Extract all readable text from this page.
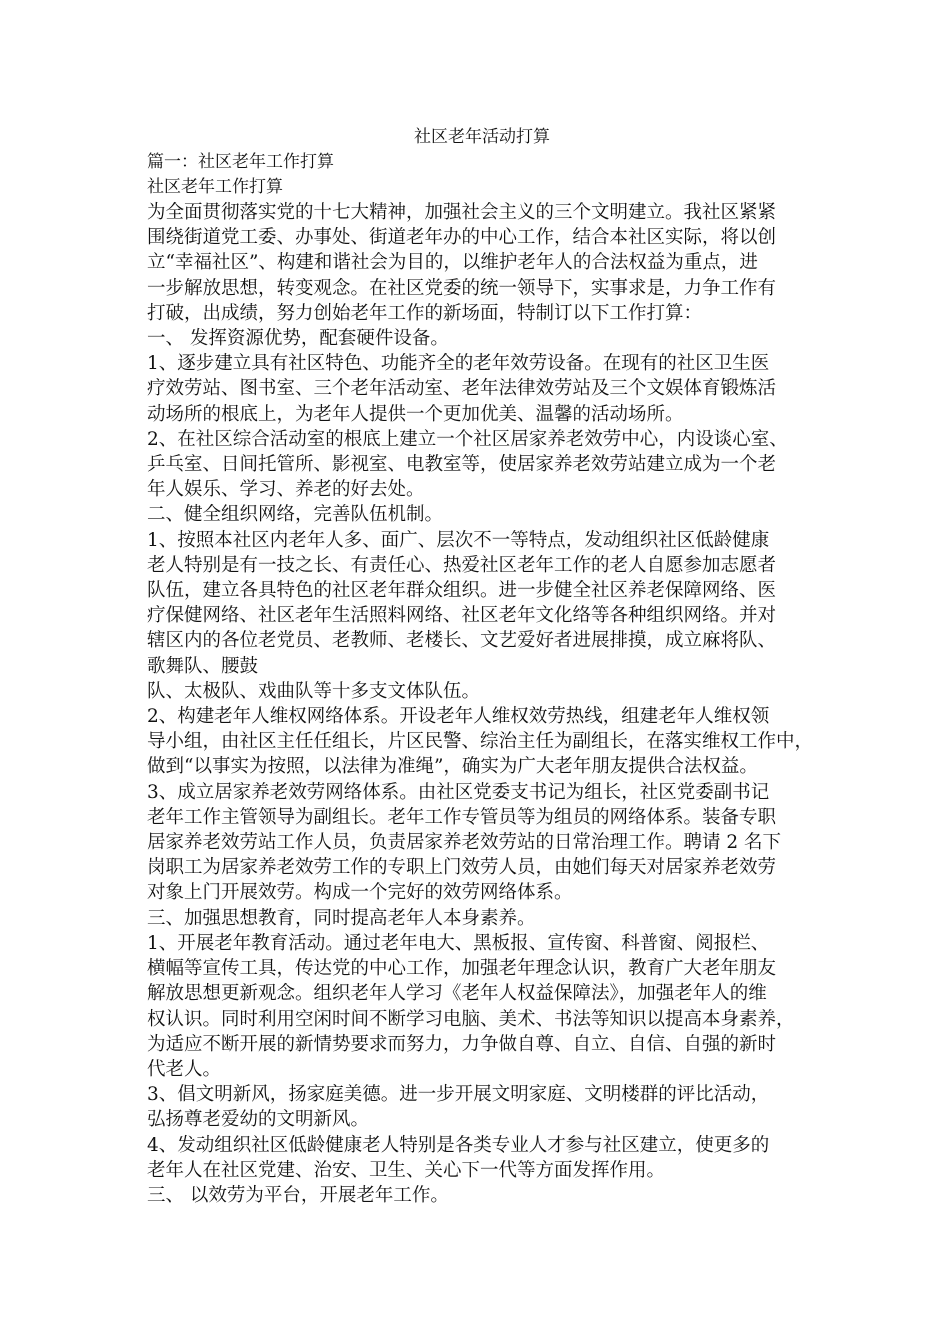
社区老年活动打算

篇一：社区老年工作打算

社区老年工作打算

为全面贯彻落实党的十七大精神，加强社会主义的三个文明建立。我社区紧紧
围绕街道党工委、办事处、街道老年办的中心工作，结合本社区实际，将以创
立“幸福社区”、构建和谐社会为目的，以维护老年人的合法权益为重点，进
一步解放思想，转变观念。在社区党委的统一领导下，实事求是，力争工作有
打破，出成绩，努力创始老年工作的新场面，特制订以下工作打算：
一、 发挥资源优势，配套硬件设备。
1、逐步建立具有社区特色、功能齐全的老年效劳设备。在现有的社区卫生医
疗效劳站、图书室、三个老年活动室、老年法律效劳站及三个文娱体育锻炼活
动场所的根底上，为老年人提供一个更加优美、温馨的活动场所。
2、在社区综合活动室的根底上建立一个社区居家养老效劳中心，内设谈心室、
乒乓室、日间托管所、影视室、电教室等，使居家养老效劳站建立成为一个老
年人娱乐、学习、养老的好去处。
二、健全组织网络，完善队伍机制。
1、按照本社区内老年人多、面广、层次不一等特点，发动组织社区低龄健康
老人特别是有一技之长、有责任心、热爱社区老年工作的老人自愿参加志愿者
队伍，建立各具特色的社区老年群众组织。进一步健全社区养老保障网络、医
疗保健网络、社区老年生活照料网络、社区老年文化络等各种组织网络。并对
辖区内的各位老党员、老教师、老楼长、文艺爱好者进展排摸，成立麻将队、
歌舞队、腰鼓
队、太极队、戏曲队等十多支文体队伍。
2、构建老年人维权网络体系。开设老年人维权效劳热线，组建老年人维权领
导小组，由社区主任任组长，片区民警、综治主任为副组长，在落实维权工作中，
做到“以事实为按照，以法律为准绳”，确实为广大老年朋友提供合法权益。
3、成立居家养老效劳网络体系。由社区党委支书记为组长，社区党委副书记
老年工作主管领导为副组长。老年工作专管员等为组员的网络体系。装备专职
居家养老效劳站工作人员，负责居家养老效劳站的日常治理工作。聘请 2 名下
岗职工为居家养老效劳工作的专职上门效劳人员，由她们每天对居家养老效劳
对象上门开展效劳。构成一个完好的效劳网络体系。
三、加强思想教育，同时提高老年人本身素养。
1、开展老年教育活动。通过老年电大、黑板报、宣传窗、科普窗、阅报栏、
横幅等宣传工具，传达党的中心工作，加强老年理念认识，教育广大老年朋友
解放思想更新观念。组织老年人学习《老年人权益保障法》，加强老年人的维
权认识。同时利用空闲时间不断学习电脑、美术、书法等知识以提高本身素养，
为适应不断开展的新情势要求而努力，力争做自尊、自立、自信、自强的新时
代老人。
3、倡文明新风，扬家庭美德。进一步开展文明家庭、文明楼群的评比活动，
弘扬尊老爱幼的文明新风。
4、发动组织社区低龄健康老人特别是各类专业人才参与社区建立，使更多的
老年人在社区党建、治安、卫生、关心下一代等方面发挥作用。
三、 以效劳为平台，开展老年工作。
